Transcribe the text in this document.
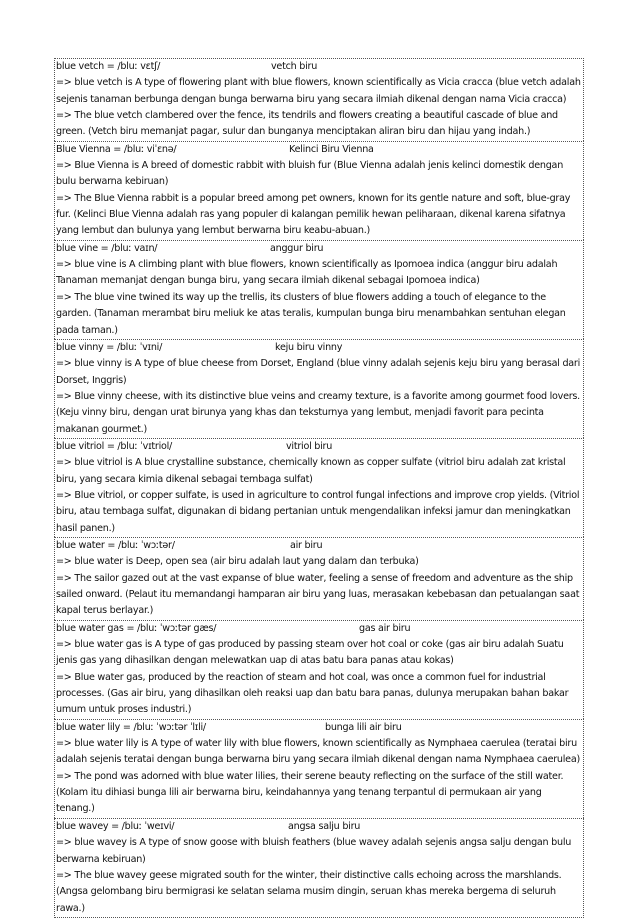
blue vetch = /bluː vɛtʃ/	vetch biru
=> blue vetch is A type of flowering plant with blue flowers, known scientifically as Vicia cracca (blue vetch adalah sejenis tanaman berbunga dengan bunga berwarna biru yang secara ilmiah dikenal dengan nama Vicia cracca)
=> The blue vetch clambered over the fence, its tendrils and flowers creating a beautiful cascade of blue and green. (Vetch biru memanjat pagar, sulur dan bunganya menciptakan aliran biru dan hijau yang indah.)
Blue Vienna = /bluː viˈɛnə/	Kelinci Biru Vienna
=> Blue Vienna is A breed of domestic rabbit with bluish fur (Blue Vienna adalah jenis kelinci domestik dengan bulu berwarna kebiruan)
=> The Blue Vienna rabbit is a popular breed among pet owners, known for its gentle nature and soft, blue-gray fur. (Kelinci Blue Vienna adalah ras yang populer di kalangan pemilik hewan peliharaan, dikenal karena sifatnya yang lembut dan bulunya yang lembut berwarna biru keabu-abuan.)
blue vine = /bluː vaɪn/	anggur biru
=> blue vine is A climbing plant with blue flowers, known scientifically as Ipomoea indica (anggur biru adalah Tanaman memanjat dengan bunga biru, yang secara ilmiah dikenal sebagai Ipomoea indica)
=> The blue vine twined its way up the trellis, its clusters of blue flowers adding a touch of elegance to the garden. (Tanaman merambat biru meliuk ke atas teralis, kumpulan bunga biru menambahkan sentuhan elegan pada taman.)
blue vinny = /bluː ˈvɪni/	keju biru vinny
=> blue vinny is A type of blue cheese from Dorset, England (blue vinny adalah sejenis keju biru yang berasal dari Dorset, Inggris)
=> Blue vinny cheese, with its distinctive blue veins and creamy texture, is a favorite among gourmet food lovers. (Keju vinny biru, dengan urat birunya yang khas dan teksturnya yang lembut, menjadi favorit para pecinta makanan gourmet.)
blue vitriol = /bluː ˈvɪtriol/	vitriol biru
=> blue vitriol is A blue crystalline substance, chemically known as copper sulfate (vitriol biru adalah zat kristal biru, yang secara kimia dikenal sebagai tembaga sulfat)
=> Blue vitriol, or copper sulfate, is used in agriculture to control fungal infections and improve crop yields. (Vitriol biru, atau tembaga sulfat, digunakan di bidang pertanian untuk mengendalikan infeksi jamur dan meningkatkan hasil panen.)
blue water = /bluː ˈwɔːtər/	air biru
=> blue water is Deep, open sea (air biru adalah laut yang dalam dan terbuka)
=> The sailor gazed out at the vast expanse of blue water, feeling a sense of freedom and adventure as the ship sailed onward. (Pelaut itu memandangi hamparan air biru yang luas, merasakan kebebasan dan petualangan saat kapal terus berlayar.)
blue water gas = /bluː ˈwɔːtər gæs/	gas air biru
=> blue water gas is A type of gas produced by passing steam over hot coal or coke (gas air biru adalah Suatu jenis gas yang dihasilkan dengan melewatkan uap di atas batu bara panas atau kokas)
=> Blue water gas, produced by the reaction of steam and hot coal, was once a common fuel for industrial processes. (Gas air biru, yang dihasilkan oleh reaksi uap dan batu bara panas, dulunya merupakan bahan bakar umum untuk proses industri.)
blue water lily = /bluː ˈwɔːtər ˈlɪli/	bunga lili air biru
=> blue water lily is A type of water lily with blue flowers, known scientifically as Nymphaea caerulea (teratai biru adalah sejenis teratai dengan bunga berwarna biru yang secara ilmiah dikenal dengan nama Nymphaea caerulea)
=> The pond was adorned with blue water lilies, their serene beauty reflecting on the surface of the still water. (Kolam itu dihiasi bunga lili air berwarna biru, keindahannya yang tenang terpantul di permukaan air yang tenang.)
blue wavey = /bluː ˈweɪvi/	angsa salju biru
=> blue wavey is A type of snow goose with bluish feathers (blue wavey adalah sejenis angsa salju dengan bulu berwarna kebiruan)
=> The blue wavey geese migrated south for the winter, their distinctive calls echoing across the marshlands. (Angsa gelombang biru bermigrasi ke selatan selama musim dingin, seruan khas mereka bergema di seluruh rawa.)
